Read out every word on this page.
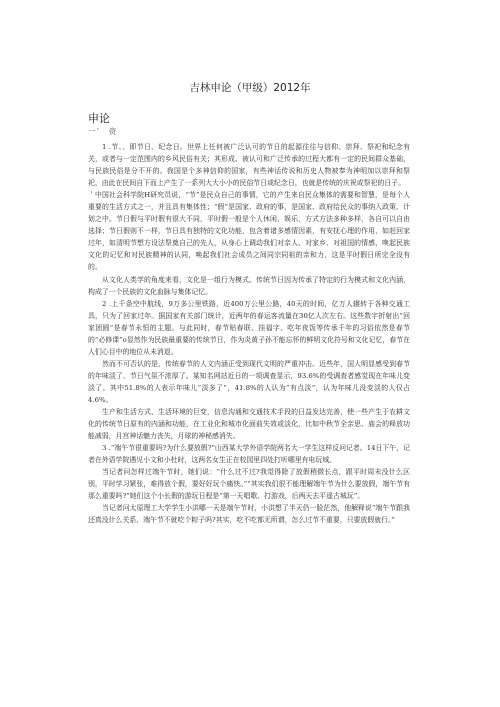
吉林申论（甲级）2012年
申论
一ˊ    资

1 .节、、即节日、纪念日。世界上任何被广泛认可的节日的起源往往与信仰、崇拜、祭祀和纪念有关，或者与一定范围内的乡风民俗有关；其形成、被认可和广泛传承的过程大都有一定的民间群众基础，与民族民俗是分不开的。我国是个多神信仰的国家，有些神话传说和历史人物被奉为神明加以崇拜和祭祀，由此在民间自下而上产生了一系列大大小小的民俗节日或纪念日，也就是传统的庆祝或祭祀的日子。

＇中国社会科学院H研究员说，“节”是民众自己的事情，它的产生来自民众集体的需要和智慧，是每个人重要的生活方式之一，并且具有集体性；“假”是国家、政府的事，是国家、政府给民众的事纳入政策、计划之中。节日假与平时假有很大不同，平时假一般是个人休闲、娱乐，方式方法多种多样，各自可以自由选择；节日假则不一样，节日具有独特的文化功能，包含着诸多感情因素，有安抚心理的作用，如赶回家过年，如清明节想方设法祭奠自己的先人，从身心上调动我们对亲人、对家乡、对祖国的情感，唤起民族文化的记忆和对民族精神的认同，唤起我们社会成员之间同宗同祖的亲和力，这是平时假日所完全没有的。

从文化人类学的角度来看，文化是一组行为模式。传统节日因为传承了特定的行为模式和文化内涵，构成了一个民族的文化血脉与集体记忆。

2 .上千条空中航线，9万多公里铁路，近400万公里公路，40天的时间，亿万人辗转于各种交通工具，只为了回家过年。据国家有关部门统计，近两年的春运客流量在30亿人次左右。这些数字折射出“回家团圆”是春节永恒的主题。与此同时，春节贴春联、挂福字、吃年夜饭等传承千年的习俗依然是春节的“必修课”o显然作为民族最重要的传统节日，作为炎黄子孙不能忘怀的鲜明文化符号和文化记忆，春节在人们心目中的地位从未消退。

然而不可否认的是，传统春节的人文内涵正受到现代文明的严重冲击。近些年，国人明显感受到春节的年味淡了、节日气氛不浓厚了。某知名网站近日的一项调查显示，93.6%的受调查者感觉现在年味儿变淡了。其中51.8%的人表示年味儿“淡多了”，41.8%的人认为“有点淡”，认为年味儿没变淡的人仅占4.6%。

生产和生活方式、生活环境的巨变，信息沟通和交通技术手段的日益发达完善，使一些产生于农耕文化的传统节日原有的内涵和功能，在工业化和城市化面前失效或淡化，比如中秋节全亲思、庙会的释放功能减弱，月宫神话魅力丧失，月球的神秘感消失。

3 .“端午节很重要吗?为什么要放假?”山西某大学外语学院两名大一学生这样反问记者。14日下午，记者在外语学院遇见小文和小杜时，这两名女生正在校园里四处打听哪里有电玩城。

当记者问怎样过端午节时，她们说：“什么过不过?我觉得除了放假稍微长点，跟平时周末没什么区别，平时学习紧张，难得放个假，要好好玩个痛快。”“其实我们很不能理解端午节为什么要放假，端午节有那么重要吗?”她们这个小长假的游玩日程是“第一天唱歌、打游戏，后两天去平遥古城玩”。

当记者问太原理工大学学生小洪哪一天是端午节时，小洪想了半天仍一脸茫然，他解释说“端午节跟我还真没什么关系，端午节不就吃个粽子吗?其实，吃不吃都无所谓，怎么过节不重要，只要放假就行。”
